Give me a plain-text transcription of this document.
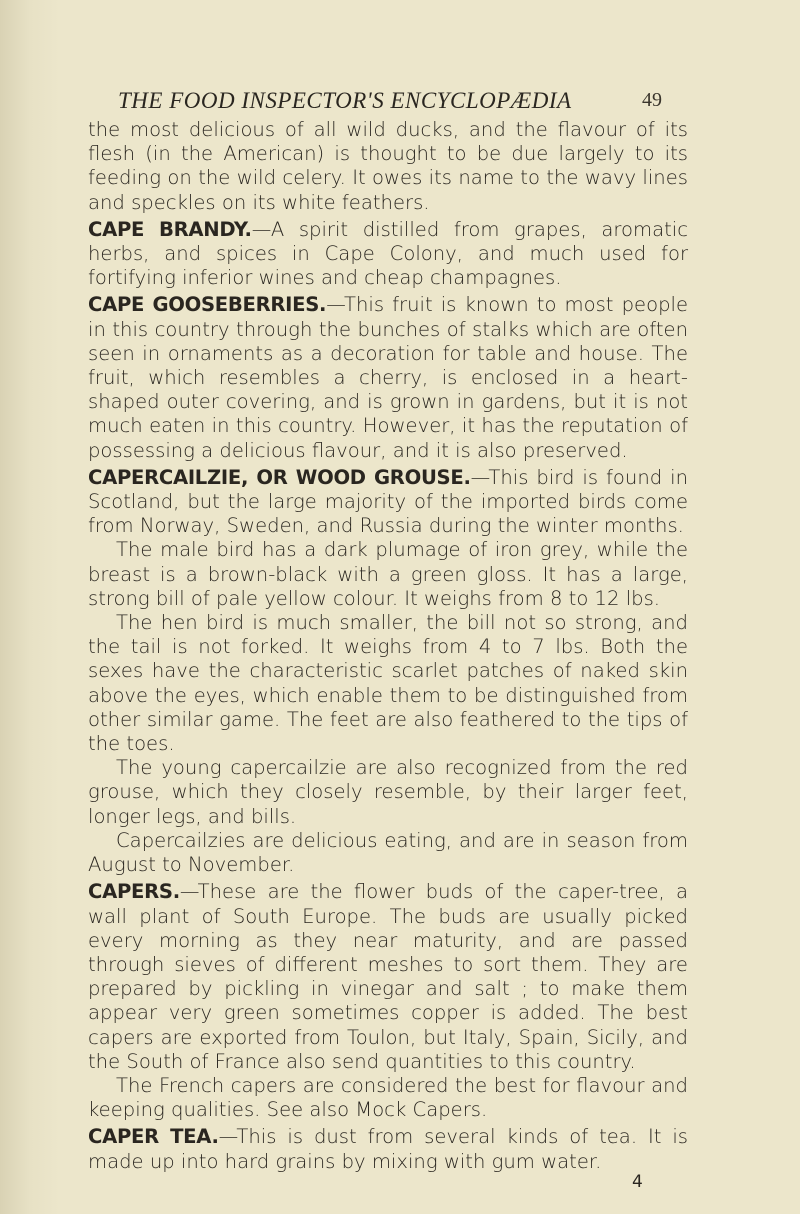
THE FOOD INSPECTOR'S ENCYCLOPÆDIA	49

the most delicious of all wild ducks, and the flavour of its flesh (in the American) is thought to be due largely to its feeding on the wild celery. It owes its name to the wavy lines and speckles on its white feathers.

CAPE BRANDY.—A spirit distilled from grapes, aromatic herbs, and spices in Cape Colony, and much used for fortifying inferior wines and cheap champagnes.

CAPE GOOSEBERRIES.—This fruit is known to most people in this country through the bunches of stalks which are often seen in ornaments as a decoration for table and house. The fruit, which resembles a cherry, is enclosed in a heart-shaped outer covering, and is grown in gardens, but it is not much eaten in this country. However, it has the reputation of possessing a delicious flavour, and it is also preserved.

CAPERCAILZIE, OR WOOD GROUSE.—This bird is found in Scotland, but the large majority of the imported birds come from Norway, Sweden, and Russia during the winter months.

The male bird has a dark plumage of iron grey, while the breast is a brown-black with a green gloss. It has a large, strong bill of pale yellow colour. It weighs from 8 to 12 lbs.

The hen bird is much smaller, the bill not so strong, and the tail is not forked. It weighs from 4 to 7 lbs. Both the sexes have the characteristic scarlet patches of naked skin above the eyes, which enable them to be distinguished from other similar game. The feet are also feathered to the tips of the toes.

The young capercailzie are also recognized from the red grouse, which they closely resemble, by their larger feet, longer legs, and bills.

Capercailzies are delicious eating, and are in season from August to November.

CAPERS.—These are the flower buds of the caper-tree, a wall plant of South Europe. The buds are usually picked every morning as they near maturity, and are passed through sieves of different meshes to sort them. They are prepared by pickling in vinegar and salt ; to make them appear very green sometimes copper is added. The best capers are exported from Toulon, but Italy, Spain, Sicily, and the South of France also send quantities to this country.

The French capers are considered the best for flavour and keeping qualities. See also Mock Capers.

CAPER TEA.—This is dust from several kinds of tea. It is made up into hard grains by mixing with gum water.

4
